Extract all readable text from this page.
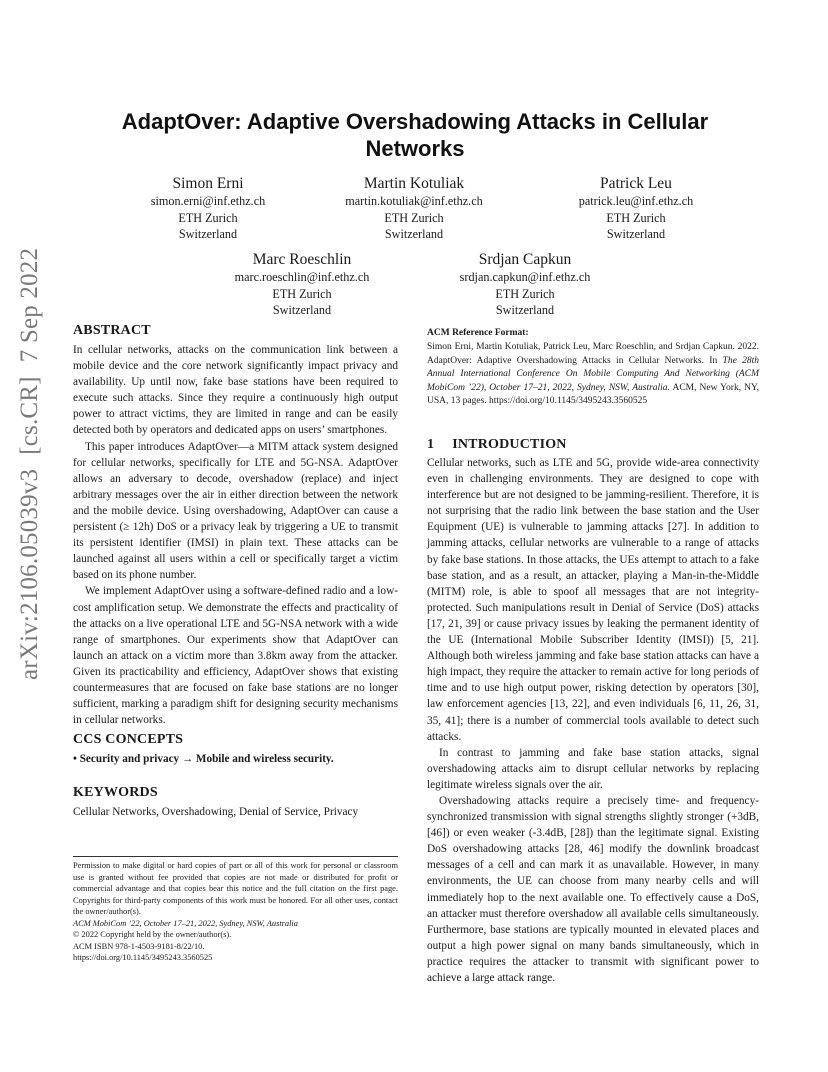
arXiv:2106.05039v3[cs.CR]7 Sep 2022
AdaptOver: Adaptive Overshadowing Attacks in Cellular Networks
Simon Erni
simon.erni@inf.ethz.ch
ETH Zurich
Switzerland
Martin Kotuliak
martin.kotuliak@inf.ethz.ch
ETH Zurich
Switzerland
Patrick Leu
patrick.leu@inf.ethz.ch
ETH Zurich
Switzerland
Marc Roeschlin
marc.roeschlin@inf.ethz.ch
ETH Zurich
Switzerland
Srdjan Capkun
srdjan.capkun@inf.ethz.ch
ETH Zurich
Switzerland
ABSTRACT

In cellular networks, attacks on the communication link between a mobile device and the core network significantly impact privacy and availability. Up until now, fake base stations have been required to execute such attacks. Since they require a continuously high output power to attract victims, they are limited in range and can be easily detected both by operators and dedicated apps on users’ smartphones.

This paper introduces AdaptOver—a MITM attack system designed for cellular networks, specifically for LTE and 5G-NSA. AdaptOver allows an adversary to decode, overshadow (replace) and inject arbitrary messages over the air in either direction between the network and the mobile device. Using overshadowing, AdaptOver can cause a persistent (≥ 12h) DoS or a privacy leak by triggering a UE to transmit its persistent identifier (IMSI) in plain text. These attacks can be launched against all users within a cell or specifically target a victim based on its phone number.

We implement AdaptOver using a software-defined radio and a low-cost amplification setup. We demonstrate the effects and practicality of the attacks on a live operational LTE and 5G-NSA network with a wide range of smartphones. Our experiments show that AdaptOver can launch an attack on a victim more than 3.8km away from the attacker. Given its practicability and efficiency, AdaptOver shows that existing countermeasures that are focused on fake base stations are no longer sufficient, marking a paradigm shift for designing security mechanisms in cellular networks.

CCS CONCEPTS

• Security and privacy → Mobile and wireless security.

KEYWORDS

Cellular Networks, Overshadowing, Denial of Service, Privacy

Permission to make digital or hard copies of part or all of this work for personal or classroom use is granted without fee provided that copies are not made or distributed for profit or commercial advantage and that copies bear this notice and the full citation on the first page. Copyrights for third-party components of this work must be honored. For all other uses, contact the owner/author(s).
ACM MobiCom ’22, October 17–21, 2022, Sydney, NSW, Australia
© 2022 Copyright held by the owner/author(s).
ACM ISBN 978-1-4503-9181-8/22/10.
https://doi.org/10.1145/3495243.3560525
ACM Reference Format:
Simon Erni, Martin Kotuliak, Patrick Leu, Marc Roeschlin, and Srdjan Capkun. 2022. AdaptOver: Adaptive Overshadowing Attacks in Cellular Networks. In The 28th Annual International Conference On Mobile Computing And Networking (ACM MobiCom ’22), October 17–21, 2022, Sydney, NSW, Australia. ACM, New York, NY, USA, 13 pages. https://doi.org/10.1145/3495243.3560525
1 INTRODUCTION

Cellular networks, such as LTE and 5G, provide wide-area connectivity even in challenging environments. They are designed to cope with interference but are not designed to be jamming-resilient. Therefore, it is not surprising that the radio link between the base station and the User Equipment (UE) is vulnerable to jamming attacks [27]. In addition to jamming attacks, cellular networks are vulnerable to a range of attacks by fake base stations. In those attacks, the UEs attempt to attach to a fake base station, and as a result, an attacker, playing a Man-in-the-Middle (MITM) role, is able to spoof all messages that are not integrity-protected. Such manipulations result in Denial of Service (DoS) attacks [17, 21, 39] or cause privacy issues by leaking the permanent identity of the UE (International Mobile Subscriber Identity (IMSI)) [5, 21]. Although both wireless jamming and fake base station attacks can have a high impact, they require the attacker to remain active for long periods of time and to use high output power, risking detection by operators [30], law enforcement agencies [13, 22], and even individuals [6, 11, 26, 31, 35, 41]; there is a number of commercial tools available to detect such attacks.

In contrast to jamming and fake base station attacks, signal overshadowing attacks aim to disrupt cellular networks by replacing legitimate wireless signals over the air.

Overshadowing attacks require a precisely time- and frequency-synchronized transmission with signal strengths slightly stronger (+3dB, [46]) or even weaker (-3.4dB, [28]) than the legitimate signal. Existing DoS overshadowing attacks [28, 46] modify the downlink broadcast messages of a cell and can mark it as unavailable. However, in many environments, the UE can choose from many nearby cells and will immediately hop to the next available one. To effectively cause a DoS, an attacker must therefore overshadow all available cells simultaneously. Furthermore, base stations are typically mounted in elevated places and output a high power signal on many bands simultaneously, which in practice requires the attacker to transmit with significant power to achieve a large attack range.
